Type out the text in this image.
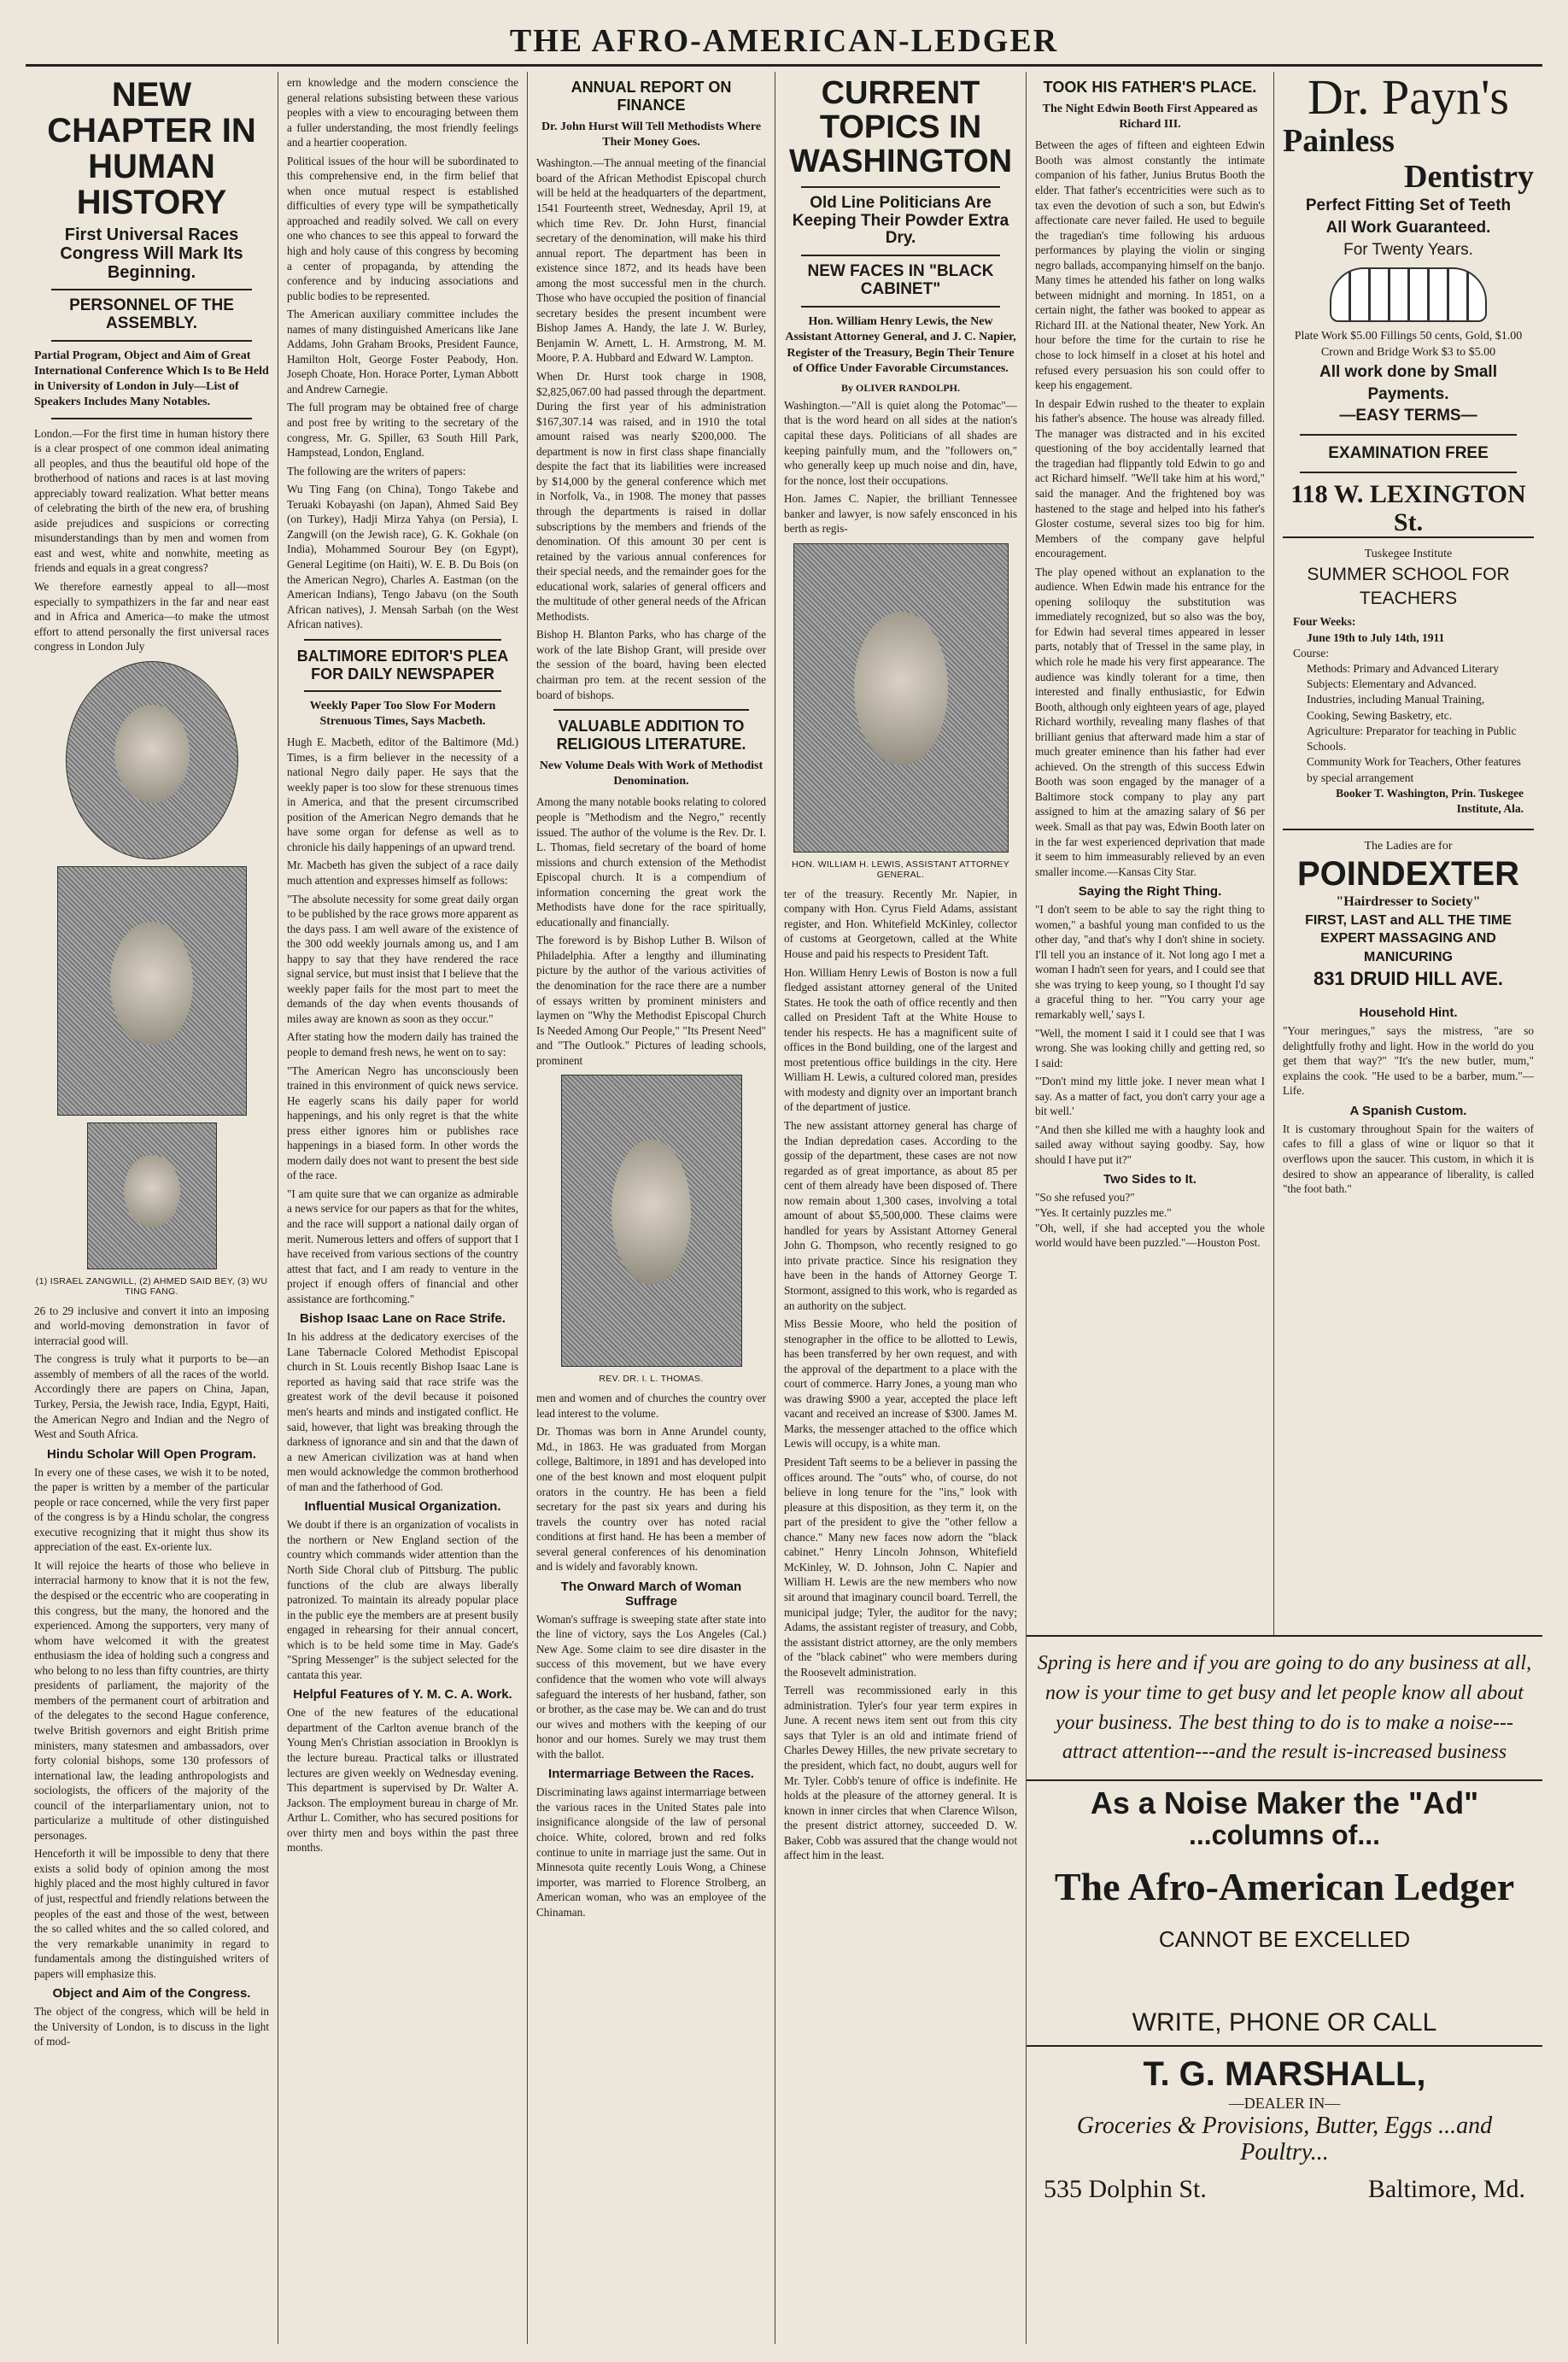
THE AFRO-AMERICAN-LEDGER
NEW CHAPTER IN HUMAN HISTORY
First Universal Races Congress Will Mark Its Beginning.
PERSONNEL OF THE ASSEMBLY.
Partial Program, Object and Aim of Great International Conference Which Is to Be Held in University of London in July—List of Speakers Includes Many Notables.
London.—For the first time in human history there is a clear prospect of one common ideal animating all peoples, and thus the beautiful old hope of the brotherhood of nations and races is at last moving appreciably toward realization. What better means of celebrating the birth of the new era, of brushing aside prejudices and suspicions or correcting misunderstandings than by men and women from east and west, white and nonwhite, meeting as friends and equals in a great congress?
We therefore earnestly appeal to all—most especially to sympathizers in the far and near east and in Africa and America—to make the utmost effort to attend personally the first universal races congress in London July
(1) ISRAEL ZANGWILL, (2) AHMED SAID BEY, (3) WU TING FANG.
26 to 29 inclusive and convert it into an imposing and world-moving demonstration in favor of interracial good will.
The congress is truly what it purports to be—an assembly of members of all the races of the world. Accordingly there are papers on China, Japan, Turkey, Persia, the Jewish race, India, Egypt, Haiti, the American Negro and Indian and the Negro of West and South Africa.
Hindu Scholar Will Open Program.
In every one of these cases, we wish it to be noted, the paper is written by a member of the particular people or race concerned, while the very first paper of the congress is by a Hindu scholar, the congress executive recognizing that it might thus show its appreciation of the east. Ex-oriente lux.
It will rejoice the hearts of those who believe in interracial harmony to know that it is not the few, the despised or the eccentric who are cooperating in this congress, but the many, the honored and the experienced. Among the supporters, very many of whom have welcomed it with the greatest enthusiasm the idea of holding such a congress and who belong to no less than fifty countries, are thirty presidents of parliament, the majority of the members of the permanent court of arbitration and of the delegates to the second Hague conference, twelve British governors and eight British prime ministers, many statesmen and ambassadors, over forty colonial bishops, some 130 professors of international law, the leading anthropologists and sociologists, the officers of the majority of the council of the interparliamentary union, not to particularize a multitude of other distinguished personages.
Henceforth it will be impossible to deny that there exists a solid body of opinion among the most highly placed and the most highly cultured in favor of just, respectful and friendly relations between the peoples of the east and those of the west, between the so called whites and the so called colored, and the very remarkable unanimity in regard to fundamentals among the distinguished writers of papers will emphasize this.
Object and Aim of the Congress.
The object of the congress, which will be held in the University of London, is to discuss in the light of mod-
ern knowledge and the modern conscience the general relations subsisting between these various peoples with a view to encouraging between them a fuller understanding, the most friendly feelings and a heartier cooperation.
Political issues of the hour will be subordinated to this comprehensive end, in the firm belief that when once mutual respect is established difficulties of every type will be sympathetically approached and readily solved. We call on every one who chances to see this appeal to forward the high and holy cause of this congress by becoming a center of propaganda, by attending the conference and by inducing associations and public bodies to be represented.
The American auxiliary committee includes the names of many distinguished Americans like Jane Addams, John Graham Brooks, President Faunce, Hamilton Holt, George Foster Peabody, Hon. Joseph Choate, Hon. Horace Porter, Lyman Abbott and Andrew Carnegie.
The full program may be obtained free of charge and post free by writing to the secretary of the congress, Mr. G. Spiller, 63 South Hill Park, Hampstead, London, England.
The following are the writers of papers:
Wu Ting Fang (on China), Tongo Takebe and Teruaki Kobayashi (on Japan), Ahmed Said Bey (on Turkey), Hadji Mirza Yahya (on Persia), I. Zangwill (on the Jewish race), G. K. Gokhale (on India), Mohammed Sourour Bey (on Egypt), General Legitime (on Haiti), W. E. B. Du Bois (on the American Negro), Charles A. Eastman (on the American Indians), Tengo Jabavu (on the South African natives), J. Mensah Sarbah (on the West African natives).
BALTIMORE EDITOR'S PLEA FOR DAILY NEWSPAPER
Weekly Paper Too Slow For Modern Strenuous Times, Says Macbeth.
Hugh E. Macbeth, editor of the Baltimore (Md.) Times, is a firm believer in the necessity of a national Negro daily paper. He says that the weekly paper is too slow for these strenuous times in America, and that the present circumscribed position of the American Negro demands that he have some organ for defense as well as to chronicle his daily happenings of an upward trend.
Mr. Macbeth has given the subject of a race daily much attention and expresses himself as follows:
"The absolute necessity for some great daily organ to be published by the race grows more apparent as the days pass. I am well aware of the existence of the 300 odd weekly journals among us, and I am happy to say that they have rendered the race signal service, but must insist that I believe that the weekly paper fails for the most part to meet the demands of the day when events thousands of miles away are known as soon as they occur."
After stating how the modern daily has trained the people to demand fresh news, he went on to say:
"The American Negro has unconsciously been trained in this environment of quick news service. He eagerly scans his daily paper for world happenings, and his only regret is that the white press either ignores him or publishes race happenings in a biased form. In other words the modern daily does not want to present the best side of the race.
"I am quite sure that we can organize as admirable a news service for our papers as that for the whites, and the race will support a national daily organ of merit. Numerous letters and offers of support that I have received from various sections of the country attest that fact, and I am ready to venture in the project if enough offers of financial and other assistance are forthcoming."
Bishop Isaac Lane on Race Strife.
In his address at the dedicatory exercises of the Lane Tabernacle Colored Methodist Episcopal church in St. Louis recently Bishop Isaac Lane is reported as having said that race strife was the greatest work of the devil because it poisoned men's hearts and minds and instigated conflict. He said, however, that light was breaking through the darkness of ignorance and sin and that the dawn of a new American civilization was at hand when men would acknowledge the common brotherhood of man and the fatherhood of God.
Influential Musical Organization.
We doubt if there is an organization of vocalists in the northern or New England section of the country which commands wider attention than the North Side Choral club of Pittsburg. The public functions of the club are always liberally patronized. To maintain its already popular place in the public eye the members are at present busily engaged in rehearsing for their annual concert, which is to be held some time in May. Gade's "Spring Messenger" is the subject selected for the cantata this year.
Helpful Features of Y. M. C. A. Work.
One of the new features of the educational department of the Carlton avenue branch of the Young Men's Christian association in Brooklyn is the lecture bureau. Practical talks or illustrated lectures are given weekly on Wednesday evening. This department is supervised by Dr. Walter A. Jackson. The employment bureau in charge of Mr. Arthur L. Comither, who has secured positions for over thirty men and boys within the past three months.
ANNUAL REPORT ON FINANCE
Dr. John Hurst Will Tell Methodists Where Their Money Goes.
Washington.—The annual meeting of the financial board of the African Methodist Episcopal church will be held at the headquarters of the department, 1541 Fourteenth street, Wednesday, April 19, at which time Rev. Dr. John Hurst, financial secretary of the denomination, will make his third annual report. The department has been in existence since 1872, and its heads have been among the most successful men in the church. Those who have occupied the position of financial secretary besides the present incumbent were Bishop James A. Handy, the late J. W. Burley, Benjamin W. Arnett, L. H. Armstrong, M. M. Moore, P. A. Hubbard and Edward W. Lampton.
When Dr. Hurst took charge in 1908, $2,825,067.00 had passed through the department. During the first year of his administration $167,307.14 was raised, and in 1910 the total amount raised was nearly $200,000. The department is now in first class shape financially despite the fact that its liabilities were increased by $14,000 by the general conference which met in Norfolk, Va., in 1908. The money that passes through the departments is raised in dollar subscriptions by the members and friends of the denomination. Of this amount 30 per cent is retained by the various annual conferences for their special needs, and the remainder goes for the educational work, salaries of general officers and the multitude of other general needs of the African Methodists.
Bishop H. Blanton Parks, who has charge of the work of the late Bishop Grant, will preside over the session of the board, having been elected chairman pro tem. at the recent session of the board of bishops.
VALUABLE ADDITION TO RELIGIOUS LITERATURE.
New Volume Deals With Work of Methodist Denomination.
Among the many notable books relating to colored people is "Methodism and the Negro," recently issued. The author of the volume is the Rev. Dr. I. L. Thomas, field secretary of the board of home missions and church extension of the Methodist Episcopal church. It is a compendium of information concerning the great work the Methodists have done for the race spiritually, educationally and financially.
The foreword is by Bishop Luther B. Wilson of Philadelphia. After a lengthy and illuminating picture by the author of the various activities of the denomination for the race there are a number of essays written by prominent ministers and laymen on "Why the Methodist Episcopal Church Is Needed Among Our People," "Its Present Need" and "The Outlook." Pictures of leading schools, prominent
REV. DR. I. L. THOMAS.
men and women and of churches the country over lead interest to the volume.
Dr. Thomas was born in Anne Arundel county, Md., in 1863. He was graduated from Morgan college, Baltimore, in 1891 and has developed into one of the best known and most eloquent pulpit orators in the country. He has been a field secretary for the past six years and during his travels the country over has noted racial conditions at first hand. He has been a member of several general conferences of his denomination and is widely and favorably known.
The Onward March of Woman Suffrage
Woman's suffrage is sweeping state after state into the line of victory, says the Los Angeles (Cal.) New Age. Some claim to see dire disaster in the success of this movement, but we have every confidence that the women who vote will always safeguard the interests of her husband, father, son or brother, as the case may be. We can and do trust our wives and mothers with the keeping of our honor and our homes. Surely we may trust them with the ballot.
Intermarriage Between the Races.
Discriminating laws against intermarriage between the various races in the United States pale into insignificance alongside of the law of personal choice. White, colored, brown and red folks continue to unite in marriage just the same. Out in Minnesota quite recently Louis Wong, a Chinese importer, was married to Florence Strolberg, an American woman, who was an employee of the Chinaman.
CURRENT TOPICS IN WASHINGTON
Old Line Politicians Are Keeping Their Powder Extra Dry.
NEW FACES IN "BLACK CABINET"
Hon. William Henry Lewis, the New Assistant Attorney General, and J. C. Napier, Register of the Treasury, Begin Their Tenure of Office Under Favorable Circumstances.
By OLIVER RANDOLPH.
Washington.—"All is quiet along the Potomac"—that is the word heard on all sides at the nation's capital these days. Politicians of all shades are keeping painfully mum, and the "followers on," who generally keep up much noise and din, have, for the nonce, lost their occupations.
Hon. James C. Napier, the brilliant Tennessee banker and lawyer, is now safely ensconced in his berth as regis-
HON. WILLIAM H. LEWIS, ASSISTANT ATTORNEY GENERAL.
ter of the treasury. Recently Mr. Napier, in company with Hon. Cyrus Field Adams, assistant register, and Hon. Whitefield McKinley, collector of customs at Georgetown, called at the White House and paid his respects to President Taft.
Hon. William Henry Lewis of Boston is now a full fledged assistant attorney general of the United States. He took the oath of office recently and then called on President Taft at the White House to tender his respects. He has a magnificent suite of offices in the Bond building, one of the largest and most pretentious office buildings in the city. Here William H. Lewis, a cultured colored man, presides with modesty and dignity over an important branch of the department of justice.
The new assistant attorney general has charge of the Indian depredation cases. According to the gossip of the department, these cases are not now regarded as of great importance, as about 85 per cent of them already have been disposed of. There now remain about 1,300 cases, involving a total amount of about $5,500,000. These claims were handled for years by Assistant Attorney General John G. Thompson, who recently resigned to go into private practice. Since his resignation they have been in the hands of Attorney George T. Stormont, assigned to this work, who is regarded as an authority on the subject.
Miss Bessie Moore, who held the position of stenographer in the office to be allotted to Lewis, has been transferred by her own request, and with the approval of the department to a place with the court of commerce. Harry Jones, a young man who was drawing $900 a year, accepted the place left vacant and received an increase of $300. James M. Marks, the messenger attached to the office which Lewis will occupy, is a white man.
President Taft seems to be a believer in passing the offices around. The "outs" who, of course, do not believe in long tenure for the "ins," look with pleasure at this disposition, as they term it, on the part of the president to give the "other fellow a chance." Many new faces now adorn the "black cabinet." Henry Lincoln Johnson, Whitefield McKinley, W. D. Johnson, John C. Napier and William H. Lewis are the new members who now sit around that imaginary council board. Terrell, the municipal judge; Tyler, the auditor for the navy; Adams, the assistant register of treasury, and Cobb, the assistant district attorney, are the only members of the "black cabinet" who were members during the Roosevelt administration.
Terrell was recommissioned early in this administration. Tyler's four year term expires in June. A recent news item sent out from this city says that Tyler is an old and intimate friend of Charles Dewey Hilles, the new private secretary to the president, which fact, no doubt, augurs well for Mr. Tyler. Cobb's tenure of office is indefinite. He holds at the pleasure of the attorney general. It is known in inner circles that when Clarence Wilson, the present district attorney, succeeded D. W. Baker, Cobb was assured that the change would not affect him in the least.
TOOK HIS FATHER'S PLACE.
The Night Edwin Booth First Appeared as Richard III.
Between the ages of fifteen and eighteen Edwin Booth was almost constantly the intimate companion of his father, Junius Brutus Booth the elder. That father's eccentricities were such as to tax even the devotion of such a son, but Edwin's affectionate care never failed. He used to beguile the tragedian's time following his arduous performances by playing the violin or singing negro ballads, accompanying himself on the banjo. Many times he attended his father on long walks between midnight and morning. In 1851, on a certain night, the father was booked to appear as Richard III. at the National theater, New York. An hour before the time for the curtain to rise he chose to lock himself in a closet at his hotel and refused every persuasion his son could offer to keep his engagement.
In despair Edwin rushed to the theater to explain his father's absence. The house was already filled. The manager was distracted and in his excited questioning of the boy accidentally learned that the tragedian had flippantly told Edwin to go and act Richard himself. "We'll take him at his word," said the manager. And the frightened boy was hastened to the stage and helped into his father's Gloster costume, several sizes too big for him. Members of the company gave helpful encouragement.
The play opened without an explanation to the audience. When Edwin made his entrance for the opening soliloquy the substitution was immediately recognized, but so also was the boy, for Edwin had several times appeared in lesser parts, notably that of Tressel in the same play, in which role he made his very first appearance. The audience was kindly tolerant for a time, then interested and finally enthusiastic, for Edwin Booth, although only eighteen years of age, played Richard worthily, revealing many flashes of that brilliant genius that afterward made him a star of much greater eminence than his father had ever achieved. On the strength of this success Edwin Booth was soon engaged by the manager of a Baltimore stock company to play any part assigned to him at the amazing salary of $6 per week. Small as that pay was, Edwin Booth later on in the far west experienced deprivation that made it seem to him immeasurably relieved by an even smaller income.—Kansas City Star.
Saying the Right Thing.
"I don't seem to be able to say the right thing to women," a bashful young man confided to us the other day, "and that's why I don't shine in society. I'll tell you an instance of it. Not long ago I met a woman I hadn't seen for years, and I could see that she was trying to keep young, so I thought I'd say a graceful thing to her. "'You carry your age remarkably well,' says I.
"Well, the moment I said it I could see that I was wrong. She was looking chilly and getting red, so I said:
"'Don't mind my little joke. I never mean what I say. As a matter of fact, you don't carry your age a bit well.'
"And then she killed me with a haughty look and sailed away without saying goodby. Say, how should I have put it?"
Two Sides to It.
"So she refused you?"
"Yes. It certainly puzzles me."
"Oh, well, if she had accepted you the whole world would have been puzzled."—Houston Post.
Dr. Payn's
Painless
Dentistry
Perfect Fitting Set of Teeth
All Work Guaranteed.
For Twenty Years.
Plate Work $5.00 Fillings 50 cents, Gold, $1.00 Crown and Bridge Work $3 to $5.00
All work done by Small Payments.
—EASY TERMS—
EXAMINATION FREE
118 W. LEXINGTON St.
Tuskegee Institute
SUMMER SCHOOL FOR TEACHERS
Four Weeks:
June 19th to July 14th, 1911
Course:
Methods: Primary and Advanced Literary Subjects: Elementary and Advanced.
Industries, including Manual Training, Cooking, Sewing Basketry, etc.
Agriculture: Preparator for teaching in Public Schools.
Community Work for Teachers, Other features by special arrangement
Booker T. Washington, Prin. Tuskegee Institute, Ala.
The Ladies are for
POINDEXTER
"Hairdresser to Society"
FIRST, LAST and ALL THE TIME EXPERT MASSAGING AND MANICURING
831 DRUID HILL AVE.
Household Hint.
"Your meringues," says the mistress, "are so delightfully frothy and light. How in the world do you get them that way?" "It's the new butler, mum," explains the cook. "He used to be a barber, mum."—Life.
A Spanish Custom.
It is customary throughout Spain for the waiters of cafes to fill a glass of wine or liquor so that it overflows upon the saucer. This custom, in which it is desired to show an appearance of liberality, is called "the foot bath."
Spring is here and if you are going to do any business at all, now is your time to get busy and let people know all about your business. The best thing to do is to make a noise---attract attention---and the result is-increased business
As a Noise Maker the "Ad"
...columns of...
The Afro-American Ledger
CANNOT BE EXCELLED
WRITE, PHONE OR CALL
T. G. MARSHALL,
—DEALER IN—
Groceries & Provisions, Butter, Eggs ...and Poultry...
535 Dolphin St.	Baltimore, Md.
